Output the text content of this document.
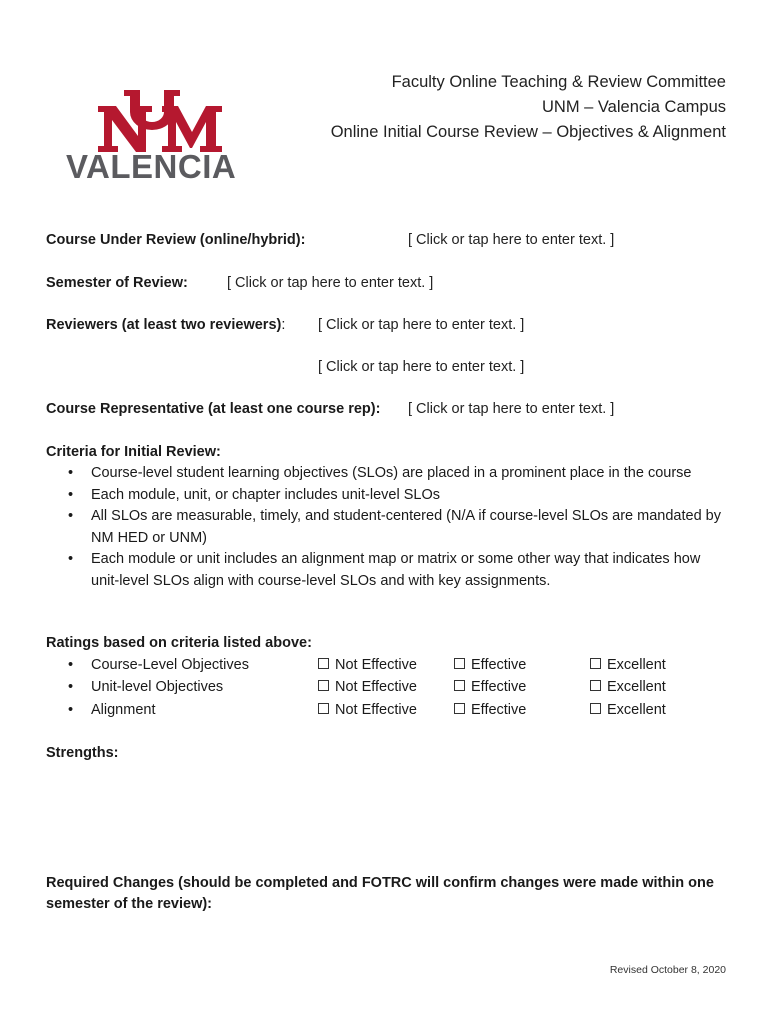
VALENCIA
Faculty Online Teaching & Review Committee
UNM – Valencia Campus
Online Initial Course Review – Objectives & Alignment
Course Under Review (online/hybrid):	[ Click or tap here to enter text. ]
Semester of Review:	[ Click or tap here to enter text. ]
Reviewers (at least two reviewers): [ Click or tap here to enter text. ]
[ Click or tap here to enter text. ]
Course Representative (at least one course rep): [ Click or tap here to enter text. ]
Criteria for Initial Review:
• Course-level student learning objectives (SLOs) are placed in a prominent place in the course
• Each module, unit, or chapter includes unit-level SLOs
• All SLOs are measurable, timely, and student-centered (N/A if course-level SLOs are mandated by NM HED or UNM)
• Each module or unit includes an alignment map or matrix or some other way that indicates how unit-level SLOs align with course-level SLOs and with key assignments.
Ratings based on criteria listed above:
• Course-Level Objectives	Not Effective	Effective	Excellent
• Unit-level Objectives	Not Effective	Effective	Excellent
• Alignment	Not Effective	Effective	Excellent
Strengths:
Required Changes (should be completed and FOTRC will confirm changes were made within one semester of the review):
Revised October 8, 2020
